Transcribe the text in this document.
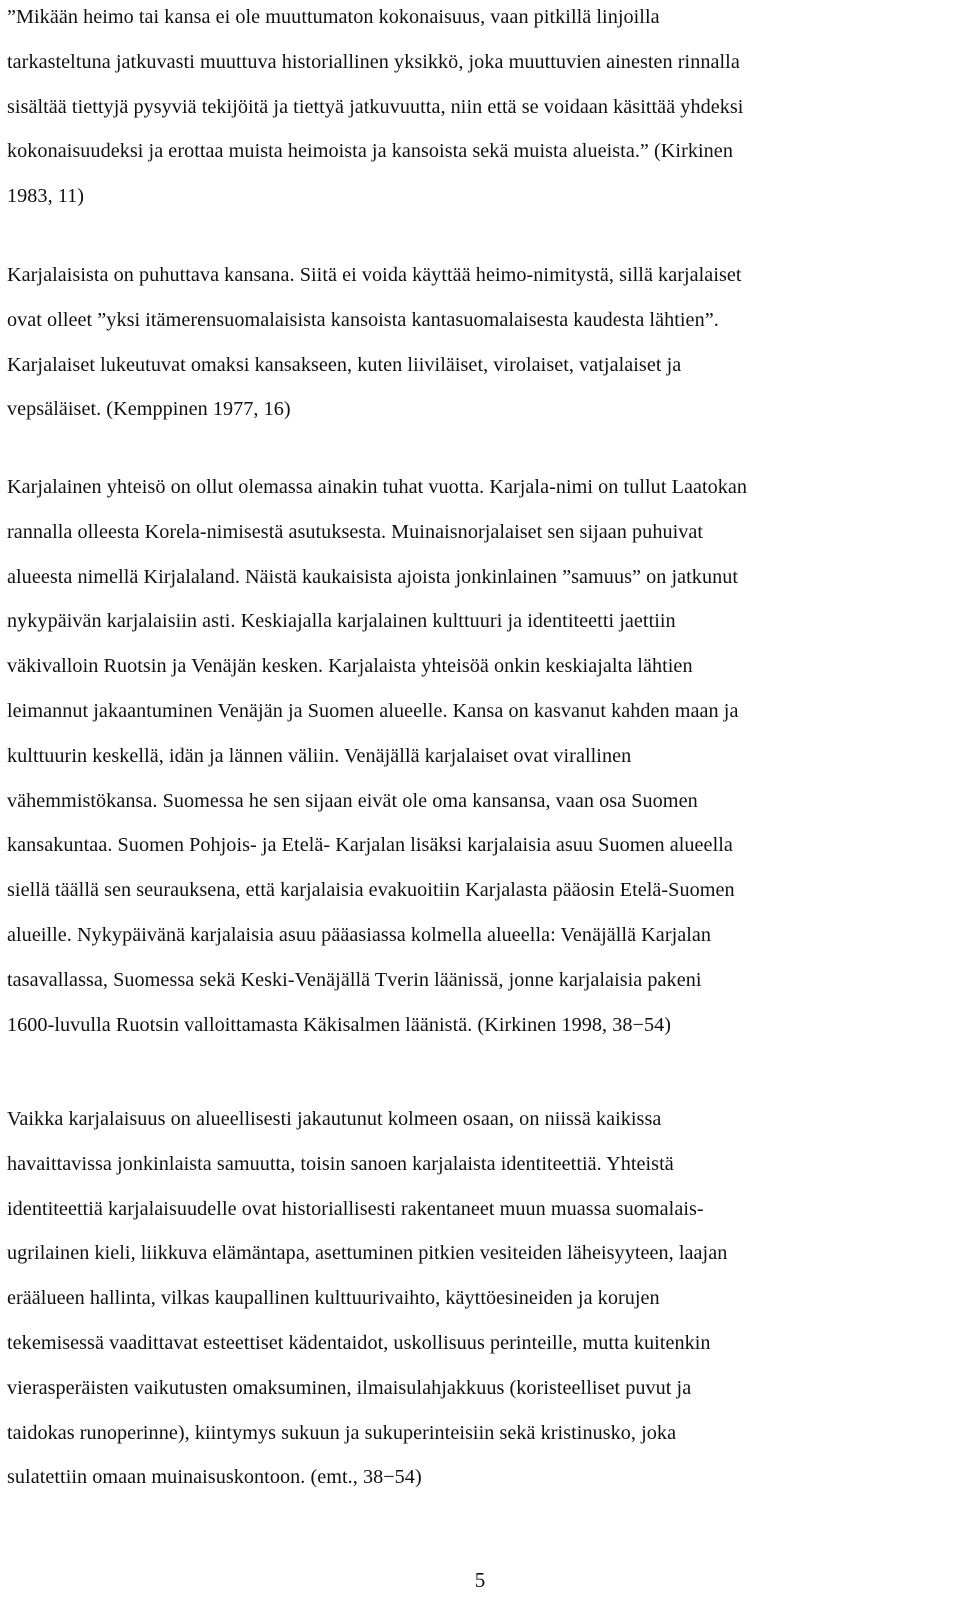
”Mikään heimo tai kansa ei ole muuttumaton kokonaisuus, vaan pitkillä linjoilla
tarkasteltuna jatkuvasti muuttuva historiallinen yksikkö, joka muuttuvien ainesten rinnalla
sisältää tiettyjä pysyviä tekijöitä ja tiettyä jatkuvuutta, niin että se voidaan käsittää yhdeksi
kokonaisuudeksi ja erottaa muista heimoista ja kansoista sekä muista alueista.” (Kirkinen
1983, 11)
Karjalaisista on puhuttava kansana. Siitä ei voida käyttää heimo-nimitystä, sillä karjalaiset
ovat olleet ”yksi itämerensuomalaisista kansoista kantasuomalaisesta kaudesta lähtien”.
Karjalaiset lukeutuvat omaksi kansakseen, kuten liiviläiset, virolaiset, vatjalaiset ja
vepsäläiset. (Kemppinen 1977, 16)
Karjalainen yhteisö on ollut olemassa ainakin tuhat vuotta. Karjala-nimi on tullut Laatokan
rannalla olleesta Korela-nimisestä asutuksesta. Muinaisnorjalaiset sen sijaan puhuivat
alueesta nimellä Kirjalaland. Näistä kaukaisista ajoista jonkinlainen ”samuus” on jatkunut
nykypäivän karjalaisiin asti. Keskiajalla karjalainen kulttuuri ja identiteetti jaettiin
väkivalloin Ruotsin ja Venäjän kesken. Karjalaista yhteisöä onkin keskiajalta lähtien
leimannut jakaantuminen Venäjän ja Suomen alueelle. Kansa on kasvanut kahden maan ja
kulttuurin keskellä, idän ja lännen väliin. Venäjällä karjalaiset ovat virallinen
vähemmistökansa. Suomessa he sen sijaan eivät ole oma kansansa, vaan osa Suomen
kansakuntaa. Suomen Pohjois- ja Etelä- Karjalan lisäksi karjalaisia asuu Suomen alueella
siellä täällä sen seurauksena, että karjalaisia evakuoitiin Karjalasta pääosin Etelä-Suomen
alueille. Nykypäivänä karjalaisia asuu pääasiassa kolmella alueella: Venäjällä Karjalan
tasavallassa, Suomessa sekä Keski-Venäjällä Tverin läänissä, jonne karjalaisia pakeni
1600-luvulla Ruotsin valloittamasta Käkisalmen läänistä. (Kirkinen 1998, 38−54)
Vaikka karjalaisuus on alueellisesti jakautunut kolmeen osaan, on niissä kaikissa
havaittavissa jonkinlaista samuutta, toisin sanoen karjalaista identiteettiä. Yhteistä
identiteettiä karjalaisuudelle ovat historiallisesti rakentaneet muun muassa suomalais-
ugrilainen kieli, liikkuva elämäntapa, asettuminen pitkien vesiteiden läheisyyteen, laajan
eräälueen hallinta, vilkas kaupallinen kulttuurivaihto, käyttöesineiden ja korujen
tekemisessä vaadittavat esteettiset kädentaidot, uskollisuus perinteille, mutta kuitenkin
vierasperäisten vaikutusten omaksuminen, ilmaisulahjakkuus (koristeelliset puvut ja
taidokas runoperinne), kiintymys sukuun ja sukuperinteisiin sekä kristinusko, joka
sulatettiin omaan muinaisuskontoon. (emt., 38−54)
5
